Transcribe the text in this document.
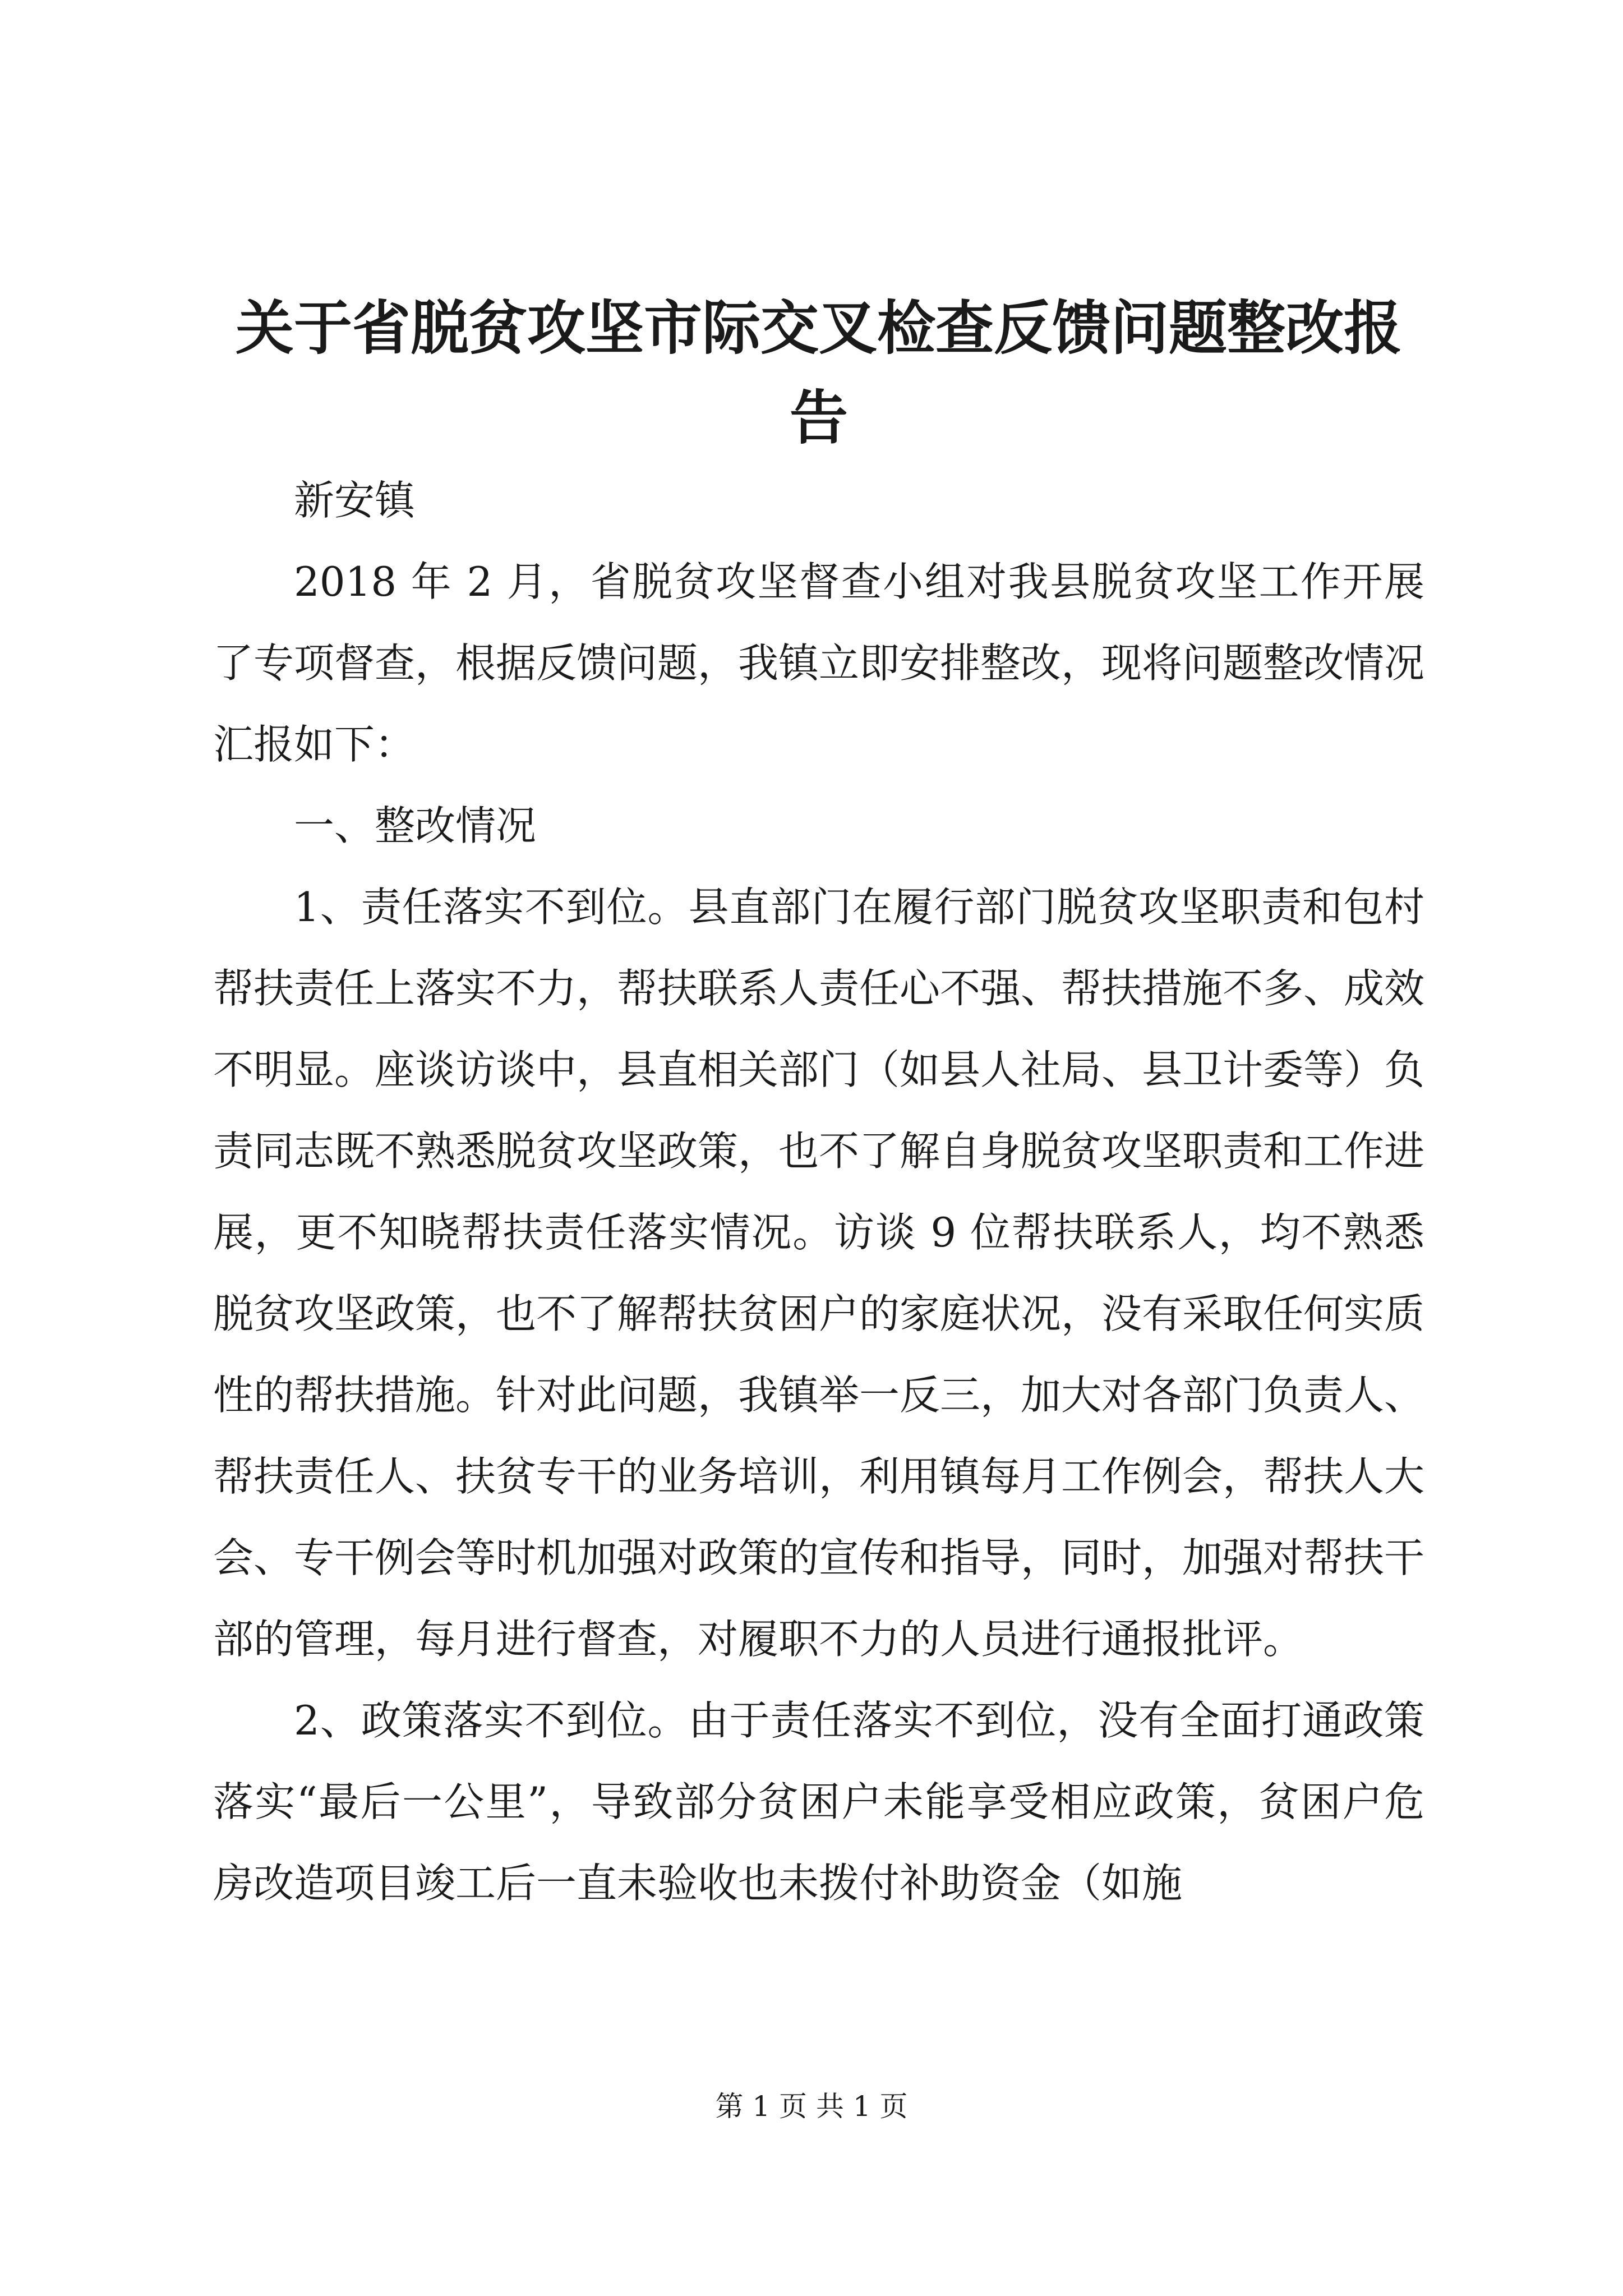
关于省脱贫攻坚市际交叉检查反馈问题整改报告

新安镇

2018 年 2 月，省脱贫攻坚督查小组对我县脱贫攻坚工作开展了专项督查，根据反馈问题，我镇立即安排整改，现将问题整改情况汇报如下：

一、整改情况

1、责任落实不到位。县直部门在履行部门脱贫攻坚职责和包村帮扶责任上落实不力，帮扶联系人责任心不强、帮扶措施不多、成效不明显。座谈访谈中，县直相关部门（如县人社局、县卫计委等）负责同志既不熟悉脱贫攻坚政策，也不了解自身脱贫攻坚职责和工作进展，更不知晓帮扶责任落实情况。访谈 9 位帮扶联系人，均不熟悉脱贫攻坚政策，也不了解帮扶贫困户的家庭状况，没有采取任何实质性的帮扶措施。针对此问题，我镇举一反三，加大对各部门负责人、帮扶责任人、扶贫专干的业务培训，利用镇每月工作例会，帮扶人大会、专干例会等时机加强对政策的宣传和指导，同时，加强对帮扶干部的管理，每月进行督查，对履职不力的人员进行通报批评。

2、政策落实不到位。由于责任落实不到位，没有全面打通政策落实“最后一公里”，导致部分贫困户未能享受相应政策，贫困户危房改造项目竣工后一直未验收也未拨付补助资金（如施

第 1 页 共 1 页
